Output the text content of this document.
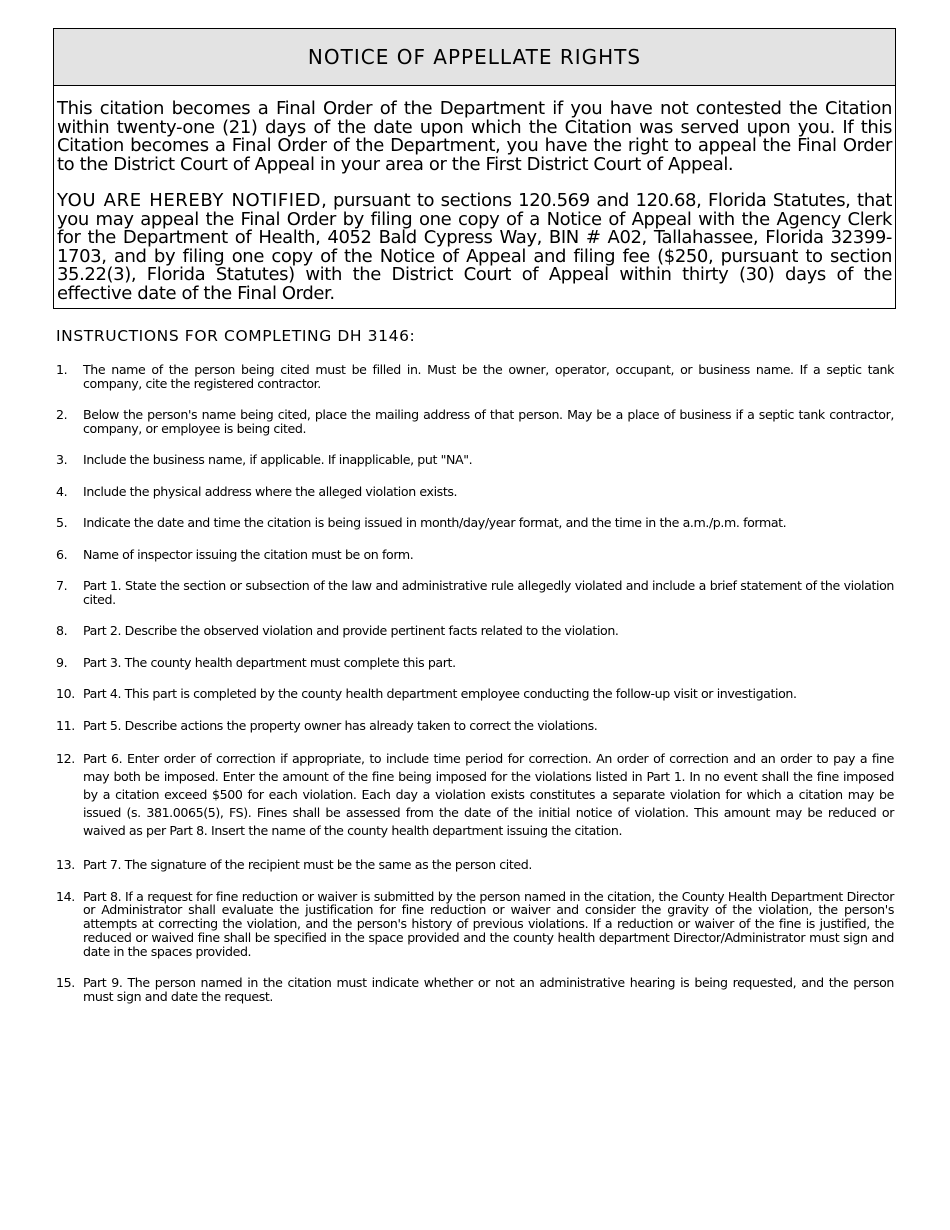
NOTICE OF APPELLATE RIGHTS

This citation becomes a Final Order of the Department if you have not contested the Citation within twenty-one (21) days of the date upon which the Citation was served upon you. If this Citation becomes a Final Order of the Department, you have the right to appeal the Final Order to the District Court of Appeal in your area or the First District Court of Appeal.

YOU ARE HEREBY NOTIFIED, pursuant to sections 120.569 and 120.68, Florida Statutes, that you may appeal the Final Order by filing one copy of a Notice of Appeal with the Agency Clerk for the Department of Health, 4052 Bald Cypress Way, BIN # A02, Tallahassee, Florida 32399-1703, and by filing one copy of the Notice of Appeal and filing fee ($250, pursuant to section 35.22(3), Florida Statutes) with the District Court of Appeal within thirty (30) days of the effective date of the Final Order.

INSTRUCTIONS FOR COMPLETING DH 3146:
1. The name of the person being cited must be filled in. Must be the owner, operator, occupant, or business name. If a septic tank company, cite the registered contractor.
2. Below the person's name being cited, place the mailing address of that person. May be a place of business if a septic tank contractor, company, or employee is being cited.
3. Include the business name, if applicable. If inapplicable, put "NA".
4. Include the physical address where the alleged violation exists.
5. Indicate the date and time the citation is being issued in month/day/year format, and the time in the a.m./p.m. format.
6. Name of inspector issuing the citation must be on form.
7. Part 1. State the section or subsection of the law and administrative rule allegedly violated and include a brief statement of the violation cited.
8. Part 2. Describe the observed violation and provide pertinent facts related to the violation.
9. Part 3. The county health department must complete this part.
10. Part 4. This part is completed by the county health department employee conducting the follow-up visit or investigation.
11. Part 5. Describe actions the property owner has already taken to correct the violations.
12. Part 6. Enter order of correction if appropriate, to include time period for correction. An order of correction and an order to pay a fine may both be imposed. Enter the amount of the fine being imposed for the violations listed in Part 1. In no event shall the fine imposed by a citation exceed $500 for each violation. Each day a violation exists constitutes a separate violation for which a citation may be issued (s. 381.0065(5), FS). Fines shall be assessed from the date of the initial notice of violation. This amount may be reduced or waived as per Part 8. Insert the name of the county health department issuing the citation.
13. Part 7. The signature of the recipient must be the same as the person cited.
14. Part 8. If a request for fine reduction or waiver is submitted by the person named in the citation, the County Health Department Director or Administrator shall evaluate the justification for fine reduction or waiver and consider the gravity of the violation, the person's attempts at correcting the violation, and the person's history of previous violations. If a reduction or waiver of the fine is justified, the reduced or waived fine shall be specified in the space provided and the county health department Director/Administrator must sign and date in the spaces provided.
15. Part 9. The person named in the citation must indicate whether or not an administrative hearing is being requested, and the person must sign and date the request.
